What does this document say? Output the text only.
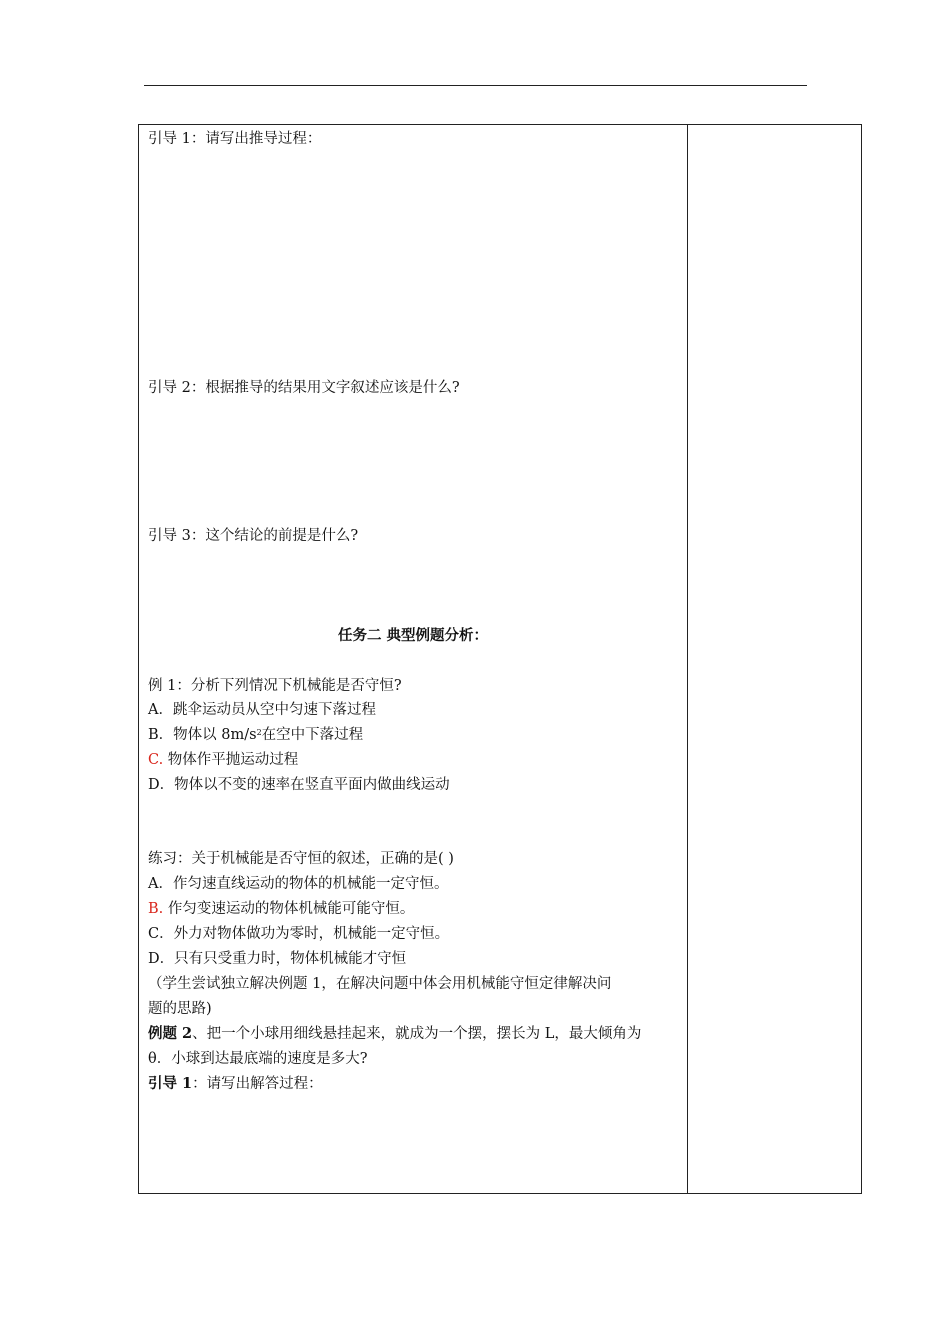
引导 1：请写出推导过程：
引导 2：根据推导的结果用文字叙述应该是什么?
引导 3：这个结论的前提是什么?
任务二 典型例题分析：
例 1：分析下列情况下机械能是否守恒?
A．跳伞运动员从空中匀速下落过程
B．物体以 $8m/s^2$在空中下落过程
C. 物体作平抛运动过程
D．物体以不变的速率在竖直平面内做曲线运动
练习：关于机械能是否守恒的叙述，正确的是( )
A．作匀速直线运动的物体的机械能一定守恒。
B. 作匀变速运动的物体机械能可能守恒。
C．外力对物体做功为零时，机械能一定守恒。
D．只有只受重力时，物体机械能才守恒
（学生尝试独立解决例题 1，在解决问题中体会用机械能守恒定律解决问
题的思路)
例题 2、把一个小球用细线悬挂起来，就成为一个摆，摆长为 L，最大倾角为
θ．小球到达最底端的速度是多大?
引导 1：请写出解答过程：
